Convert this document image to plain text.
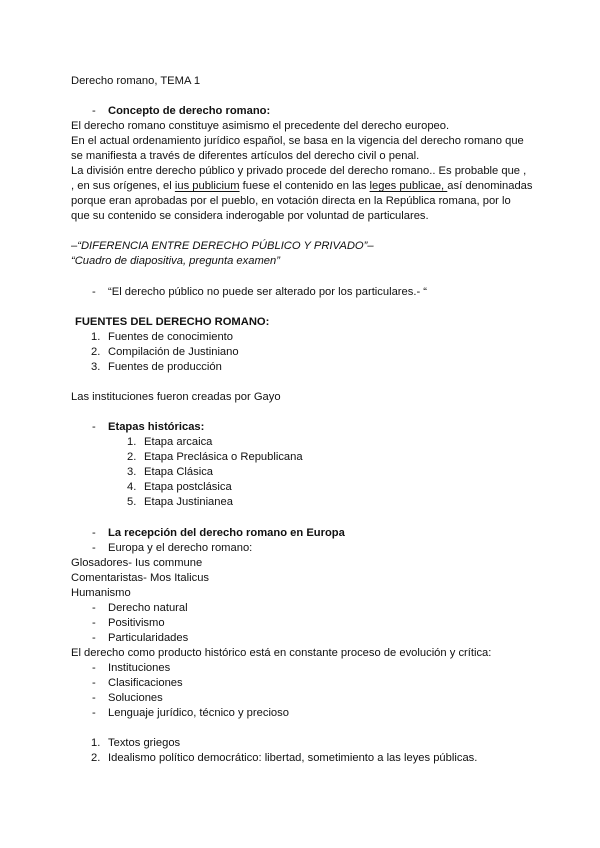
Derecho romano, TEMA 1
- Concepto de derecho romano:
El derecho romano constituye asimismo el precedente del derecho europeo.
En el actual ordenamiento jurídico español, se basa en la vigencia del derecho romano que
se manifiesta a través de diferentes artículos del derecho civil o penal.
La división entre derecho público y privado procede del derecho romano.. Es probable que ,
, en sus orígenes, el ius publicium fuese el contenido en las leges publicae, así denominadas
porque eran aprobadas por el pueblo, en votación directa en la República romana, por lo
que su contenido se considera inderogable por voluntad de particulares.
–“DIFERENCIA ENTRE DERECHO PÚBLICO Y PRIVADO”–
“Cuadro de diapositiva, pregunta examen”
- “El derecho público no puede ser alterado por los particulares.- “
FUENTES DEL DERECHO ROMANO:
1. Fuentes de conocimiento
2. Compilación de Justiniano
3. Fuentes de producción
Las instituciones fueron creadas por Gayo
- Etapas históricas:
1. Etapa arcaica
2. Etapa Preclásica o Republicana
3. Etapa Clásica
4. Etapa postclásica
5. Etapa Justinianea
- La recepción del derecho romano en Europa
- Europa y el derecho romano:
Glosadores- Ius commune
Comentaristas- Mos Italicus
Humanismo
- Derecho natural
- Positivismo
- Particularidades
El derecho como producto histórico está en constante proceso de evolución y crítica:
- Instituciones
- Clasificaciones
- Soluciones
- Lenguaje jurídico, técnico y precioso
1. Textos griegos
2. Idealismo político democrático: libertad, sometimiento a las leyes públicas.
